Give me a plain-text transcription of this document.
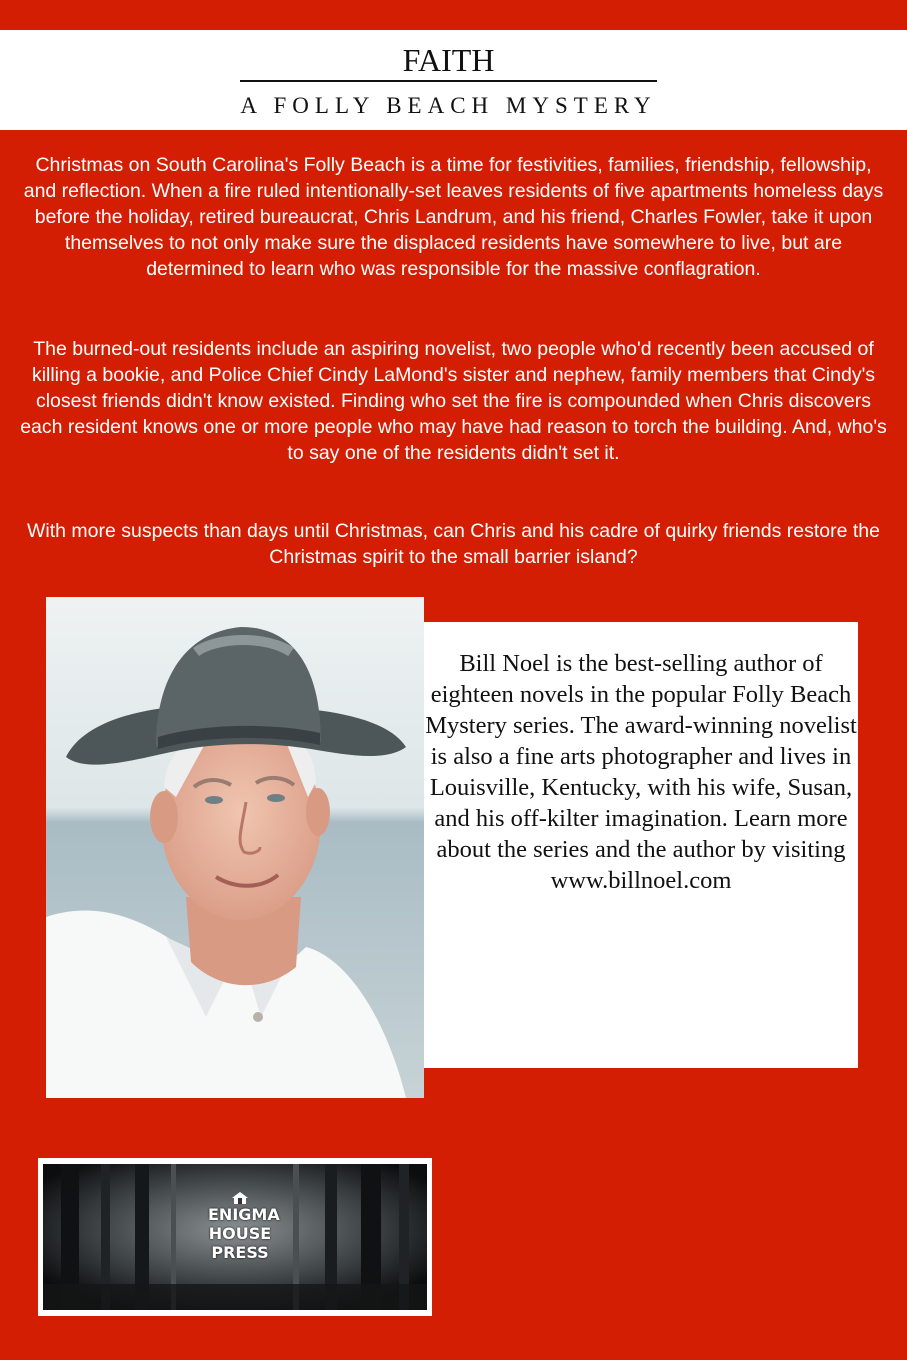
FAITH
A FOLLY BEACH MYSTERY

Christmas on South Carolina's Folly Beach is a time for festivities, families, friendship, fellowship, and reflection. When a fire ruled intentionally-set leaves residents of five apartments homeless days before the holiday, retired bureaucrat, Chris Landrum, and his friend, Charles Fowler, take it upon themselves to not only make sure the displaced residents have somewhere to live, but are determined to learn who was responsible for the massive conflagration.

The burned-out residents include an aspiring novelist, two people who'd recently been accused of killing a bookie, and Police Chief Cindy LaMond's sister and nephew, family members that Cindy's closest friends didn't know existed. Finding who set the fire is compounded when Chris discovers each resident knows one or more people who may have had reason to torch the building. And, who's to say one of the residents didn't set it.

With more suspects than days until Christmas, can Chris and his cadre of quirky friends restore the Christmas spirit to the small barrier island?

Bill Noel is the best-selling author of eighteen novels in the popular Folly Beach Mystery series. The award-winning novelist is also a fine arts photographer and lives in Louisville, Kentucky, with his wife, Susan, and his off-kilter imagination. Learn more about the series and the author by visiting www.billnoel.com

ENIGMA
HOUSE
PRESS
